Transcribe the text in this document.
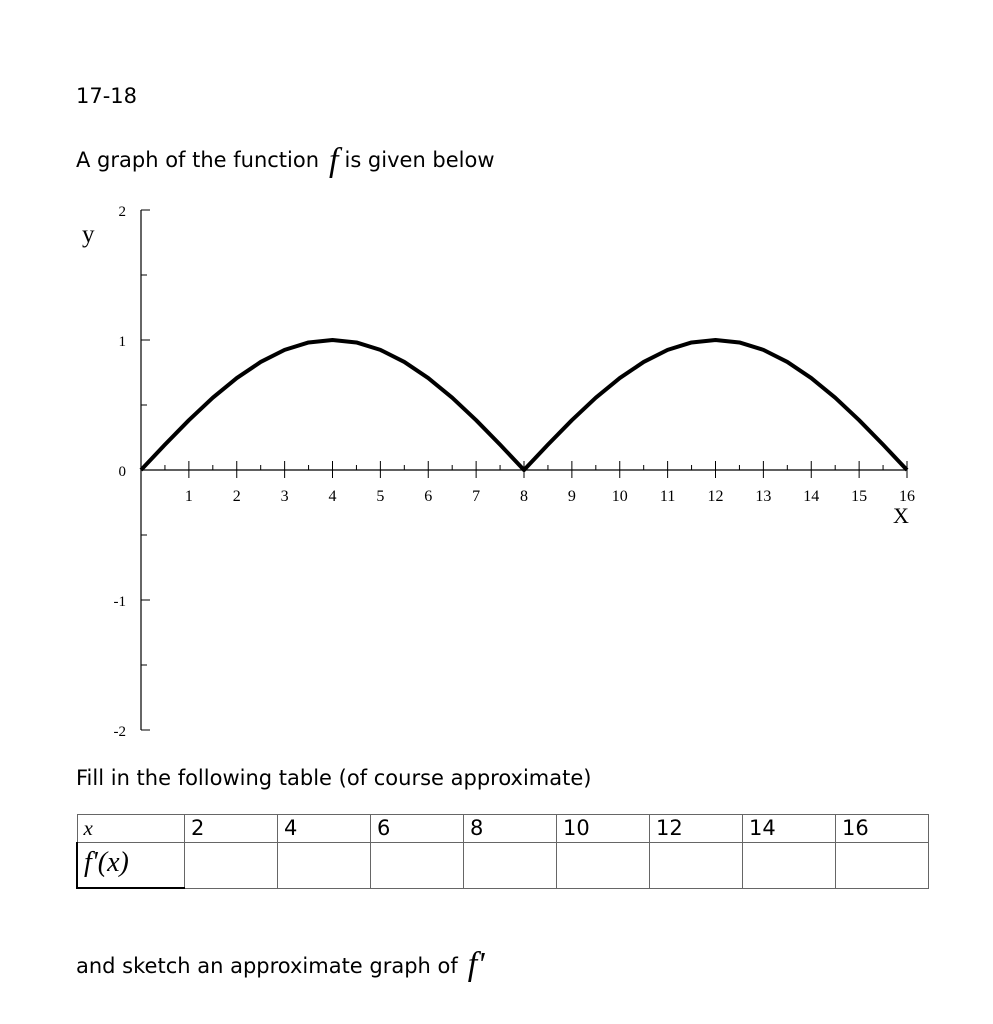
17-18
A graph of the function f is given below
1 2 3 4 5 6 7 8 9 10 11 12 13 14 15 16
2
1
0
-1
-2
y
X
Fill in the following table (of course approximate)
x	2	4	6	8	10	12	14	16
f'(x)								
and sketch an approximate graph of f'
